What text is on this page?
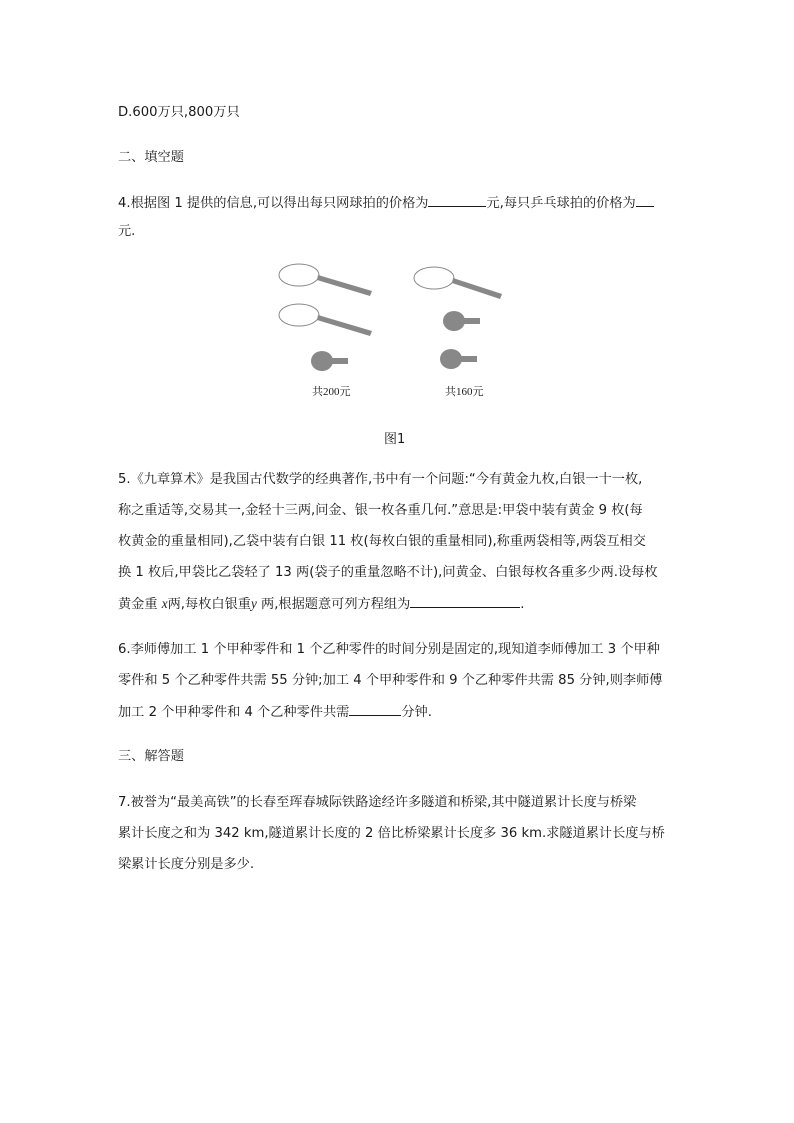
D.600万只,800万只
二、填空题
4.根据图 1 提供的信息,可以得出每只网球拍的价格为	元,每只乒乓球拍的价格为
元.
共200元	共160元
图1
5.《九章算术》是我国古代数学的经典著作,书中有一个问题:“今有黄金九枚,白银一十一枚,
称之重适等,交易其一,金轻十三两,问金、银一枚各重几何.”意思是:甲袋中装有黄金 9 枚(每
枚黄金的重量相同),乙袋中装有白银 11 枚(每枚白银的重量相同),称重两袋相等,两袋互相交
换 1 枚后,甲袋比乙袋轻了 13 两(袋子的重量忽略不计),问黄金、白银每枚各重多少两.设每枚
黄金重 x两,每枚白银重y 两,根据题意可列方程组为	.
6.李师傅加工 1 个甲种零件和 1 个乙种零件的时间分别是固定的,现知道李师傅加工 3 个甲种
零件和 5 个乙种零件共需 55 分钟;加工 4 个甲种零件和 9 个乙种零件共需 85 分钟,则李师傅
加工 2 个甲种零件和 4 个乙种零件共需	分钟.
三、解答题
7.被誉为“最美高铁”的长春至珲春城际铁路途经许多隧道和桥梁,其中隧道累计长度与桥梁
累计长度之和为 342 km,隧道累计长度的 2 倍比桥梁累计长度多 36 km.求隧道累计长度与桥
梁累计长度分别是多少.
